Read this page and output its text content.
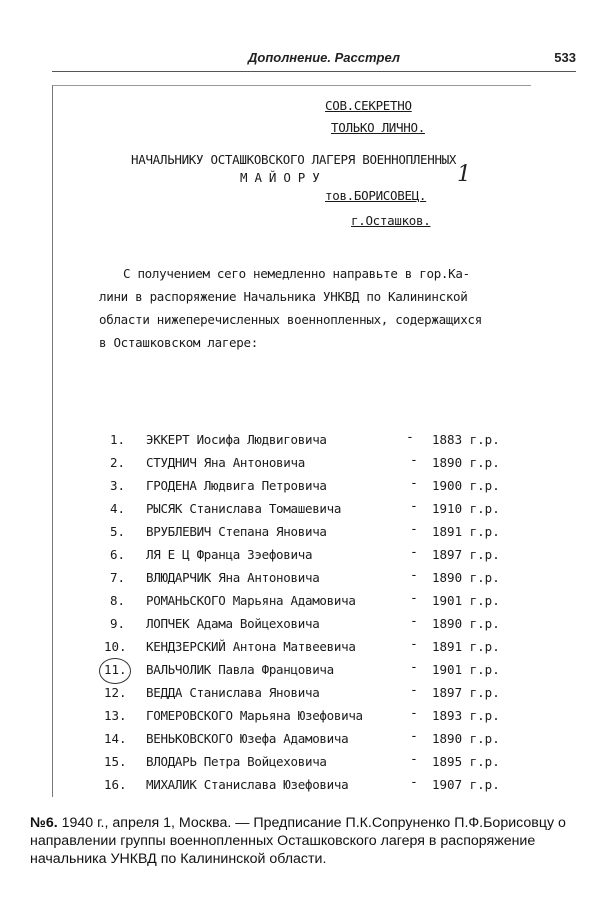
Дополнение. Расстрел	533
СОВ.СЕКРЕТНО
ТОЛЬКО ЛИЧНО.
НАЧАЛЬНИКУ ОСТАШКОВСКОГО ЛАГЕРЯ ВОЕННОПЛЕННЫХ
М А Й О Р У
тов.БОРИСОВЕЦ.
1
г.Осташков.
С получением сего немедленно направьте в гор.Ка-
лини в распоряжение Начальника УНКВД по Калининской
области нижеперечисленных военнопленных, содержащихся
в Осташковском лагере:
1. ЭККЕРТ Иосифа Людвиговича	- 1883 г.р.
2. СТУДНИЧ Яна Антоновича	- 1890 г.р.
3. ГРОДЕНА Людвига Петровича	- 1900 г.р.
4. РЫСЯК Станислава Томашевича	- 1910 г.р.
5. ВРУБЛЕВИЧ Степана Яновича	- 1891 г.р.
6. ЛЯ Е Ц Франца Зэефовича	- 1897 г.р.
7. ВЛЮДАРЧИК Яна Антоновича	- 1890 г.р.
8. РОМАНЬСКОГО Марьяна Адамовича	- 1901 г.р.
9. ЛОПЧЕК Адама Войцеховича	- 1890 г.р.
10. КЕНДЗЕРСКИЙ Антона Матвеевича	- 1891 г.р.
11. ВАЛЬЧОЛИК Павла Францовича	- 1901 г.р.
12. ВЕДДА Станислава Яновича	- 1897 г.р.
13. ГОМЕРОВСКОГО Марьяна Юзефовича	- 1893 г.р.
14. ВЕНЬКОВСКОГО Юзефа Адамовича	- 1890 г.р.
15. ВЛОДАРЬ Петра Войцеховича	- 1895 г.р.
16. МИХАЛИК Станислава Юзефовича	- 1907 г.р.
№6. 1940 г., апреля 1, Москва. — Предписание П.К.Сопруненко П.Ф.Борисовцу о направлении группы военнопленных Осташковского лагеря в распоряжение начальника УНКВД по Калининской области.
